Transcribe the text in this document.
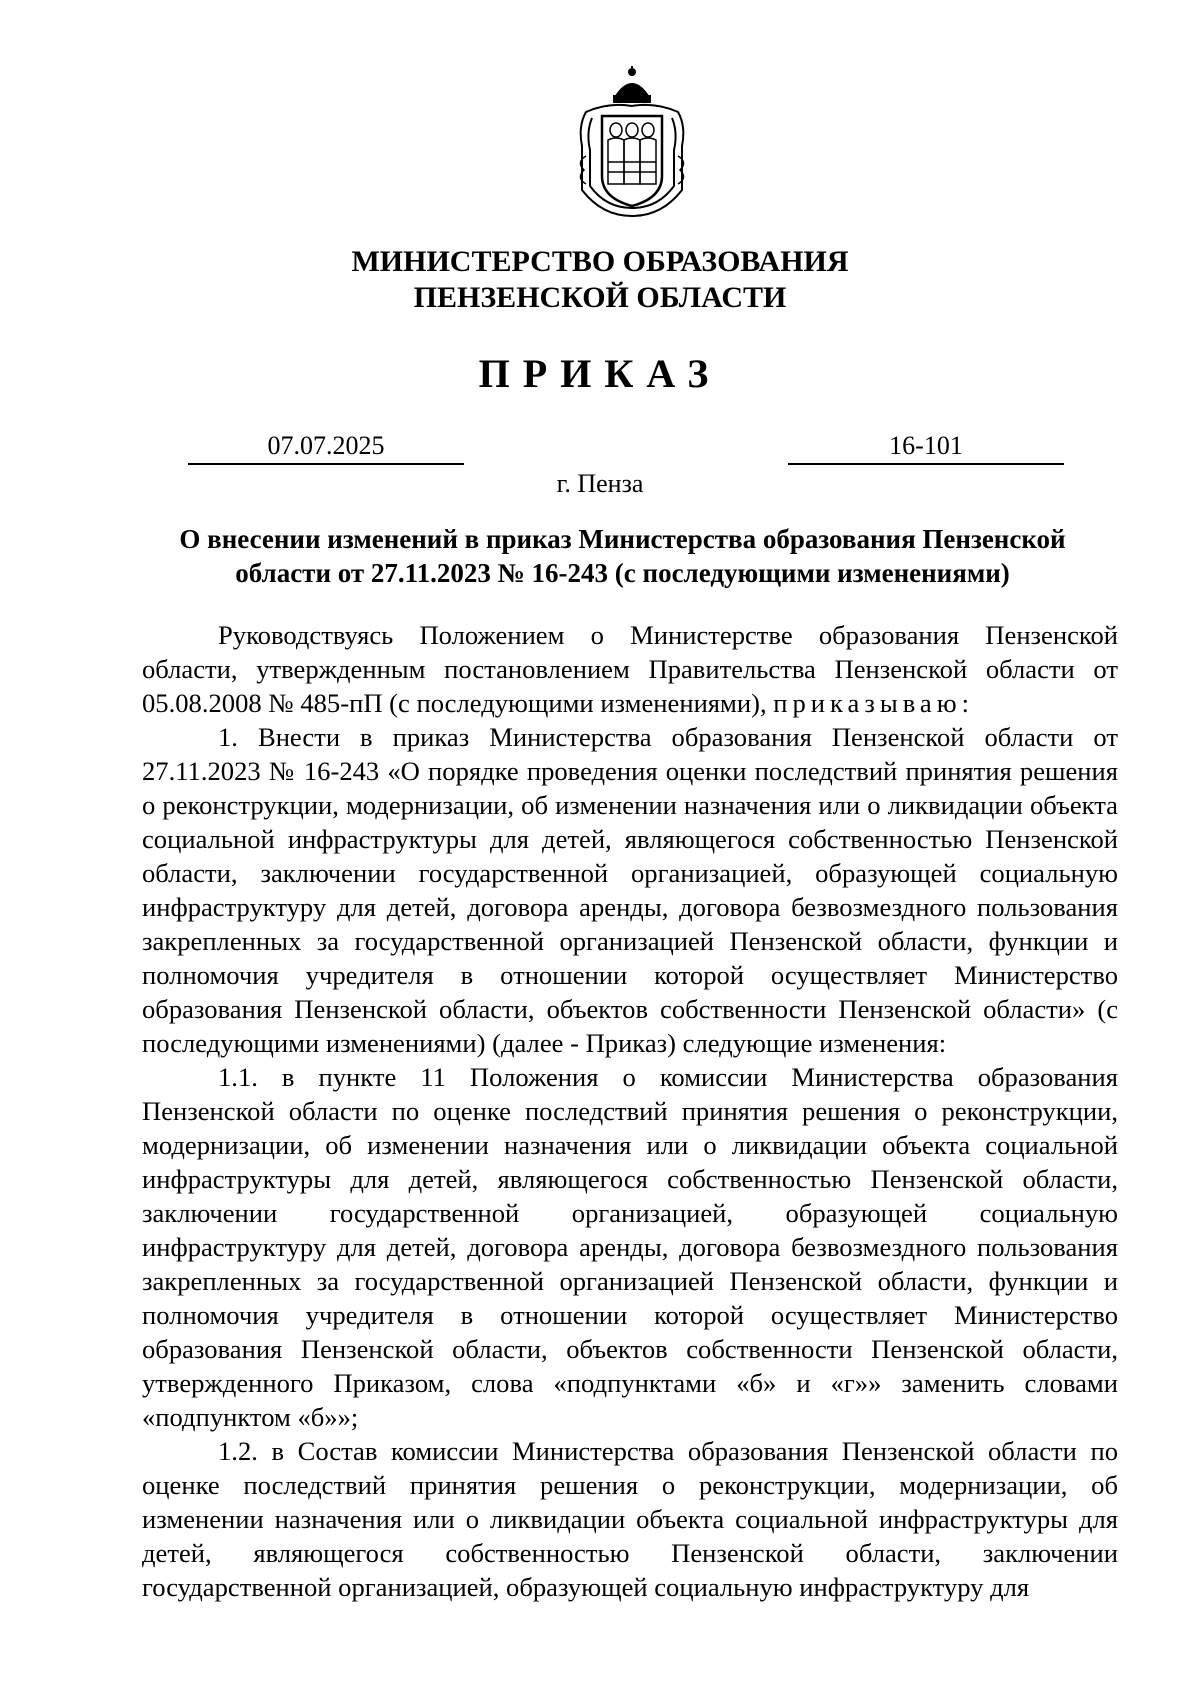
МИНИСТЕРСТВО ОБРАЗОВАНИЯ
ПЕНЗЕНСКОЙ ОБЛАСТИ
ПРИКАЗ
07.07.2025	16-101
г. Пенза
О внесении изменений в приказ Министерства образования Пензенской
области от 27.11.2023 № 16-243 (с последующими изменениями)

Руководствуясь Положением о Министерстве образования Пензенской области, утвержденным постановлением Правительства Пензенской области от 05.08.2008 № 485-пП (с последующими изменениями), приказываю:

1. Внести в приказ Министерства образования Пензенской области от 27.11.2023 № 16-243 «О порядке проведения оценки последствий принятия решения о реконструкции, модернизации, об изменении назначения или о ликвидации объекта социальной инфраструктуры для детей, являющегося собственностью Пензенской области, заключении государственной организацией, образующей социальную инфраструктуру для детей, договора аренды, договора безвозмездного пользования закрепленных за государственной организацией Пензенской области, функции и полномочия учредителя в отношении которой осуществляет Министерство образования Пензенской области, объектов собственности Пензенской области» (с последующими изменениями) (далее - Приказ) следующие изменения:

1.1. в пункте 11 Положения о комиссии Министерства образования Пензенской области по оценке последствий принятия решения о реконструкции, модернизации, об изменении назначения или о ликвидации объекта социальной инфраструктуры для детей, являющегося собственностью Пензенской области, заключении государственной организацией, образующей социальную инфраструктуру для детей, договора аренды, договора безвозмездного пользования закрепленных за государственной организацией Пензенской области, функции и полномочия учредителя в отношении которой осуществляет Министерство образования Пензенской области, объектов собственности Пензенской области, утвержденного Приказом, слова «подпунктами «б» и «г»» заменить словами «подпунктом «б»»;

1.2. в Состав комиссии Министерства образования Пензенской области по оценке последствий принятия решения о реконструкции, модернизации, об изменении назначения или о ликвидации объекта социальной инфраструктуры для детей, являющегося собственностью Пензенской области, заключении государственной организацией, образующей социальную инфраструктуру для
